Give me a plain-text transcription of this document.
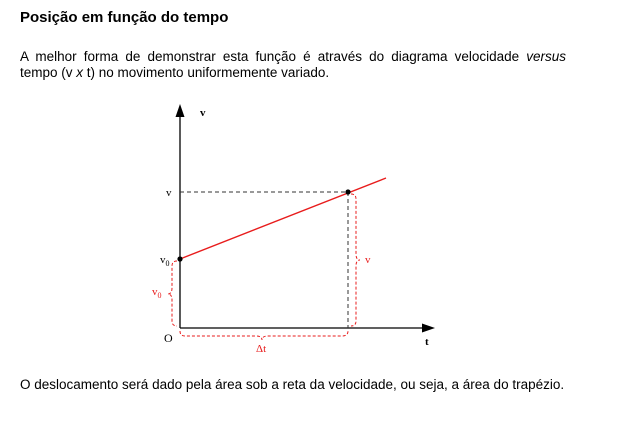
Posição em função do tempo

A melhor forma de demonstrar esta função é através do diagrama velocidade versus tempo (v x t) no movimento uniformemente variado.

v
t
O
v
$v_0$
$v_0$
v
Δt

O deslocamento será dado pela área sob a reta da velocidade, ou seja, a área do trapézio.
